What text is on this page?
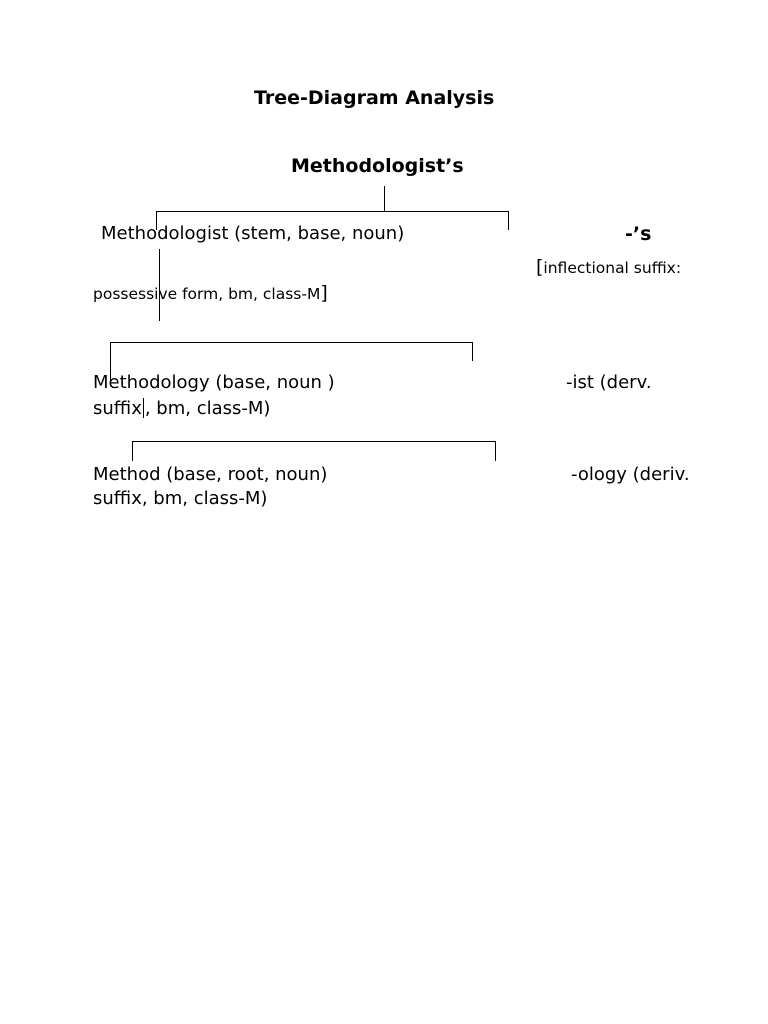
Tree-Diagram Analysis
Methodologist’s
Methodologist (stem, base, noun)	-’s
[inflectional suffix:
possessive form, bm, class-M]
Methodology (base, noun )	-ist (derv.
suffix , bm, class-M)
Method (base, root, noun)	-ology (deriv.
suffix, bm, class-M)
